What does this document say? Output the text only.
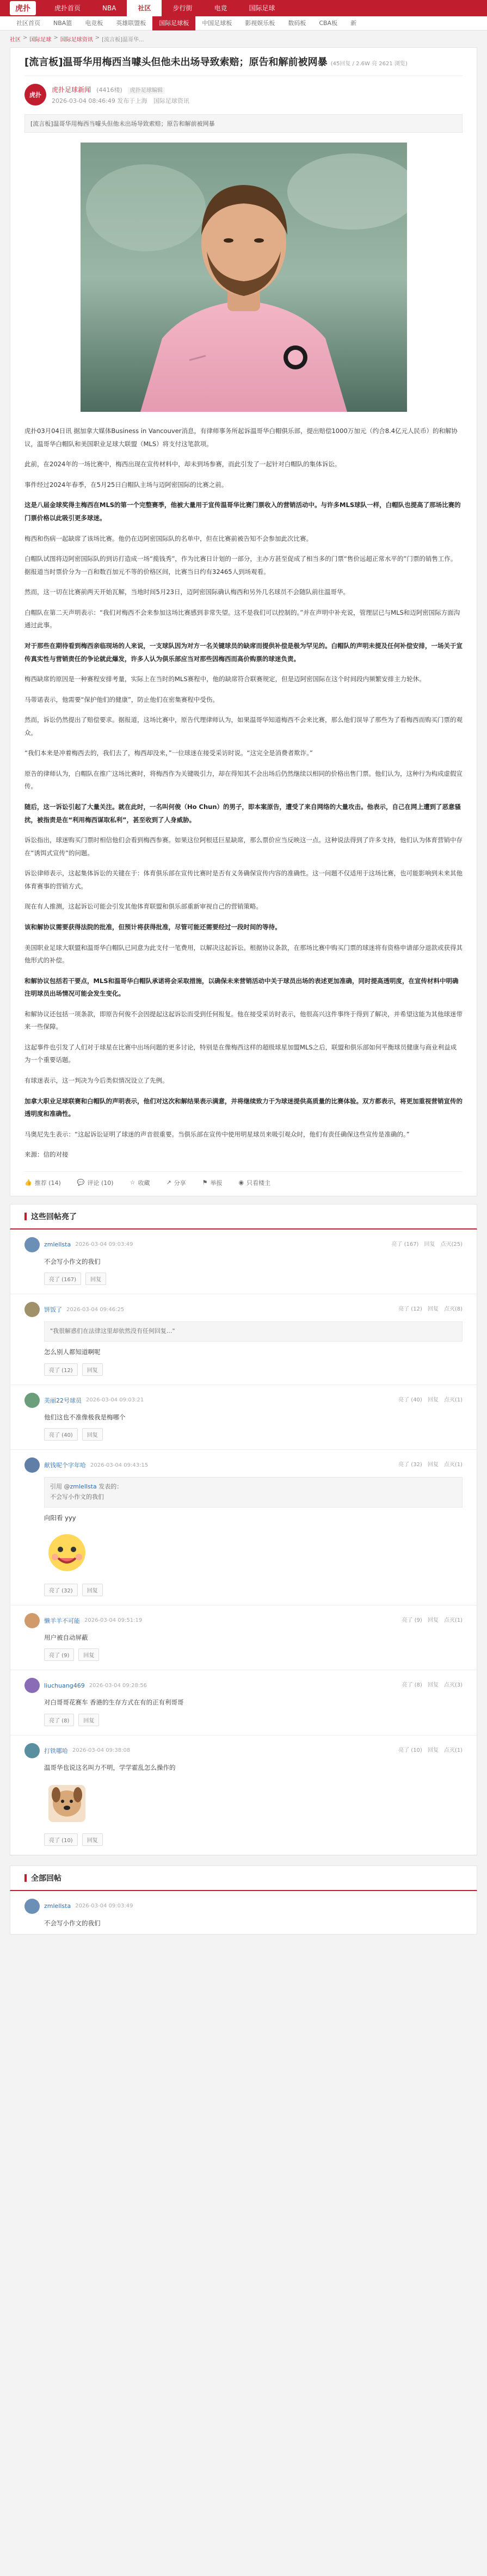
虎扑	虎扑首页	NBA	社区	步行街	电竞	国际足球
社区首页	NBA篮	电竞板	英雄联盟板	国际足球板	中国足球板	影视娱乐板	数码板	CBA板	新
社区 > 国际足球 > 国际足球资讯 > [流言板]温哥华...
[流言板]温哥华用梅西当噱头但他未出场导致索赔；原告和解前被网暴 (45回复 / 2.6W 亮 2621 浏览)
虎扑
虎扑足球新闻 (4416楼) 虎扑足球编辑
2026-03-04 08:46:49 发布于上海 国际足球资讯
[流言板]温哥华用梅西当噱头但他未出场导致索赔；原告和解前被网暴

虎扑03月04日讯 据加拿大媒体Business in Vancouver消息，有律师事务所起诉温哥华白帽俱乐部，提出赔偿1000万加元（约合8.4亿元人民币）的和解协议，温哥华白帽队和美国职业足球大联盟（MLS）将支付这笔款项。

此前，在2024年的一场比赛中，梅西出现在宣传材料中，却未到场参赛，而此引发了一起针对白帽队的集体诉讼。

事件经过2024年春季，在5月25日白帽队主场与迈阿密国际的比赛之前。

这是八届金球奖得主梅西在MLS的第一个完整赛季，他被大量用于宣传温哥华比赛门票收入的营销活动中。与许多MLS球队一样，白帽队也提高了那场比赛的门票价格以此吸引更多球迷。

梅西和伤病一起缺席了该场比赛。他仍在迈阿密国际队的名单中，但在比赛前被告知不会参加此次比赛。

白帽队试图将迈阿密国际队的到访打造成一场“揽钱秀”，作为比赛日计划的一部分，主办方甚至促成了相当多的门票“售价远超正常水平的”门票的销售工作。据报道当时票价分为一百和数百加元不等的价格区间，比赛当日约有32465人到场观看。

然而，这一切在比赛前两天开始瓦解，当地时间5月23日，迈阿密国际确认梅西和另外几名球员不会随队前往温哥华。

白帽队在第二天声明表示：“我们对梅西不会来参加这场比赛感到非常失望。这不是我们可以控制的。”并在声明中补充说，管理层已与MLS和迈阿密国际方面沟通过此事。

对于那些在期待看到梅西亲临现场的人来说，一支球队因为对方一名关键球员的缺席而提供补偿是极为罕见的。白帽队的声明未提及任何补偿安排，一场关于宣传真实性与营销责任的争论就此爆发，许多人认为俱乐部应当对那些因梅西而高价购票的球迷负责。

梅西缺席的原因是一种赛程安排考量，实际上在当时的MLS赛程中，他的缺席符合联赛规定，但是迈阿密国际在这个时间段内频繁安排主力轮休。

马蒂诺表示，他需要“保护他们的健康”，防止他们在密集赛程中受伤。

然而，诉讼仍然提出了赔偿要求。据报道，这场比赛中，原告代理律师认为，如果温哥华知道梅西不会来比赛，那么他们误导了那些为了看梅西而购买门票的观众。

“我们本来是冲着梅西去的，我们去了，梅西却没来，”一位球迷在接受采访时说。“这完全是消费者欺诈。”

原告的律师认为，白帽队在推广这场比赛时，将梅西作为关键吸引力，却在得知其不会出场后仍然继续以相同的价格出售门票。他们认为，这种行为构成虚假宣传。

随后，这一诉讼引起了大量关注。就在此时，一名叫何俊（Ho Chun）的男子，即本案原告，遭受了来自网络的大量攻击。他表示，自己在网上遭到了恶意骚扰，被指责是在“利用梅西谋取私利”，甚至收到了人身威胁。

诉讼指出，球迷购买门票时相信他们会看到梅西参赛。如果这位阿根廷巨星缺席，那么票价应当反映这一点。这种说法得到了许多支持，他们认为体育营销中存在“诱饵式宣传”的问题。

诉讼律师表示，这起集体诉讼的关键在于：体育俱乐部在宣传比赛时是否有义务确保宣传内容的准确性。这一问题不仅适用于这场比赛，也可能影响到未来其他体育赛事的营销方式。

现在有人推测，这起诉讼可能会引发其他体育联盟和俱乐部重新审视自己的营销策略。

该和解协议需要获得法院的批准，但预计将获得批准，尽管可能还需要经过一段时间的等待。

美国职业足球大联盟和温哥华白帽队已同意为此支付一笔费用，以解决这起诉讼。根据协议条款，在那场比赛中购买门票的球迷将有资格申请部分退款或获得其他形式的补偿。

和解协议包括若干要点，MLS和温哥华白帽队承诺将会采取措施，以确保未来营销活动中关于球员出场的表述更加准确，同时提高透明度，在宣传材料中明确注明球员出场情况可能会发生变化。

和解协议还包括一项条款，即原告何俊不会因提起这起诉讼而受到任何报复。他在接受采访时表示，他很高兴这件事终于得到了解决，并希望这能为其他球迷带来一些保障。

这起事件也引发了人们对于球星在比赛中出场问题的更多讨论，特别是在像梅西这样的超级球星加盟MLS之后，联盟和俱乐部如何平衡球员健康与商业利益成为一个重要话题。

有球迷表示，这一判决为今后类似情况设立了先例。

加拿大职业足球联赛和白帽队的声明表示，他们对这次和解结果表示满意，并将继续致力于为球迷提供高质量的比赛体验。双方都表示，将更加重视营销宣传的透明度和准确性。

马奥尼先生表示：“这起诉讼证明了球迷的声音很重要。当俱乐部在宣传中使用明星球员来吸引观众时，他们有责任确保这些宣传是准确的。”

来源：信的对接

👍 推荐 (14)	💬 评论 (10)	☆ 收藏	↗ 分享	⚑ 举报	◉ 只看楼主
这些回帖亮了
zmlellsta 2026-03-04 09:03:49	亮了 (167) 回复 点灭(25)
不会写小作文的我们
亮了 (167)	回复
饼饭了 2026-03-04 09:46:25	亮了 (12) 回复 点灭(8)
"我很解惑们在法律这里却依然没有任何回复..."
怎么别人都知道啊呢
亮了 (12)	回复
美丽22号球员 2026-03-04 09:03:21	亮了 (40) 回复 点灭(1)
他们这也不准像极我是梅哪个
亮了 (40)	回复
献钱呢个字年哈 2026-03-04 09:43:15	亮了 (32) 回复 点灭(1)
引用 @zmlellsta 发表的：
不会写小作文的我们
向阳看 yyy
亮了 (32)	回复
懒羊羊不可能 2026-03-04 09:51:19	亮了 (9) 回复 点灭(1)
用户被自动屏蔽
亮了 (9)	回复
liuchuang469 2026-03-04 09:28:56	亮了 (8) 回复 点灭(3)
对白哥哥花赛车 香港的生存方式在有的正有利哥哥
亮了 (8)	回复
打铁哪哈 2026-03-04 09:38:08	亮了 (10) 回复 点灭(1)
温哥华也说这名叫力不明，学学霍乱怎么操作的
亮了 (10)	回复
全部回帖
zmlellsta 2026-03-04 09:03:49
不会写小作文的我们
